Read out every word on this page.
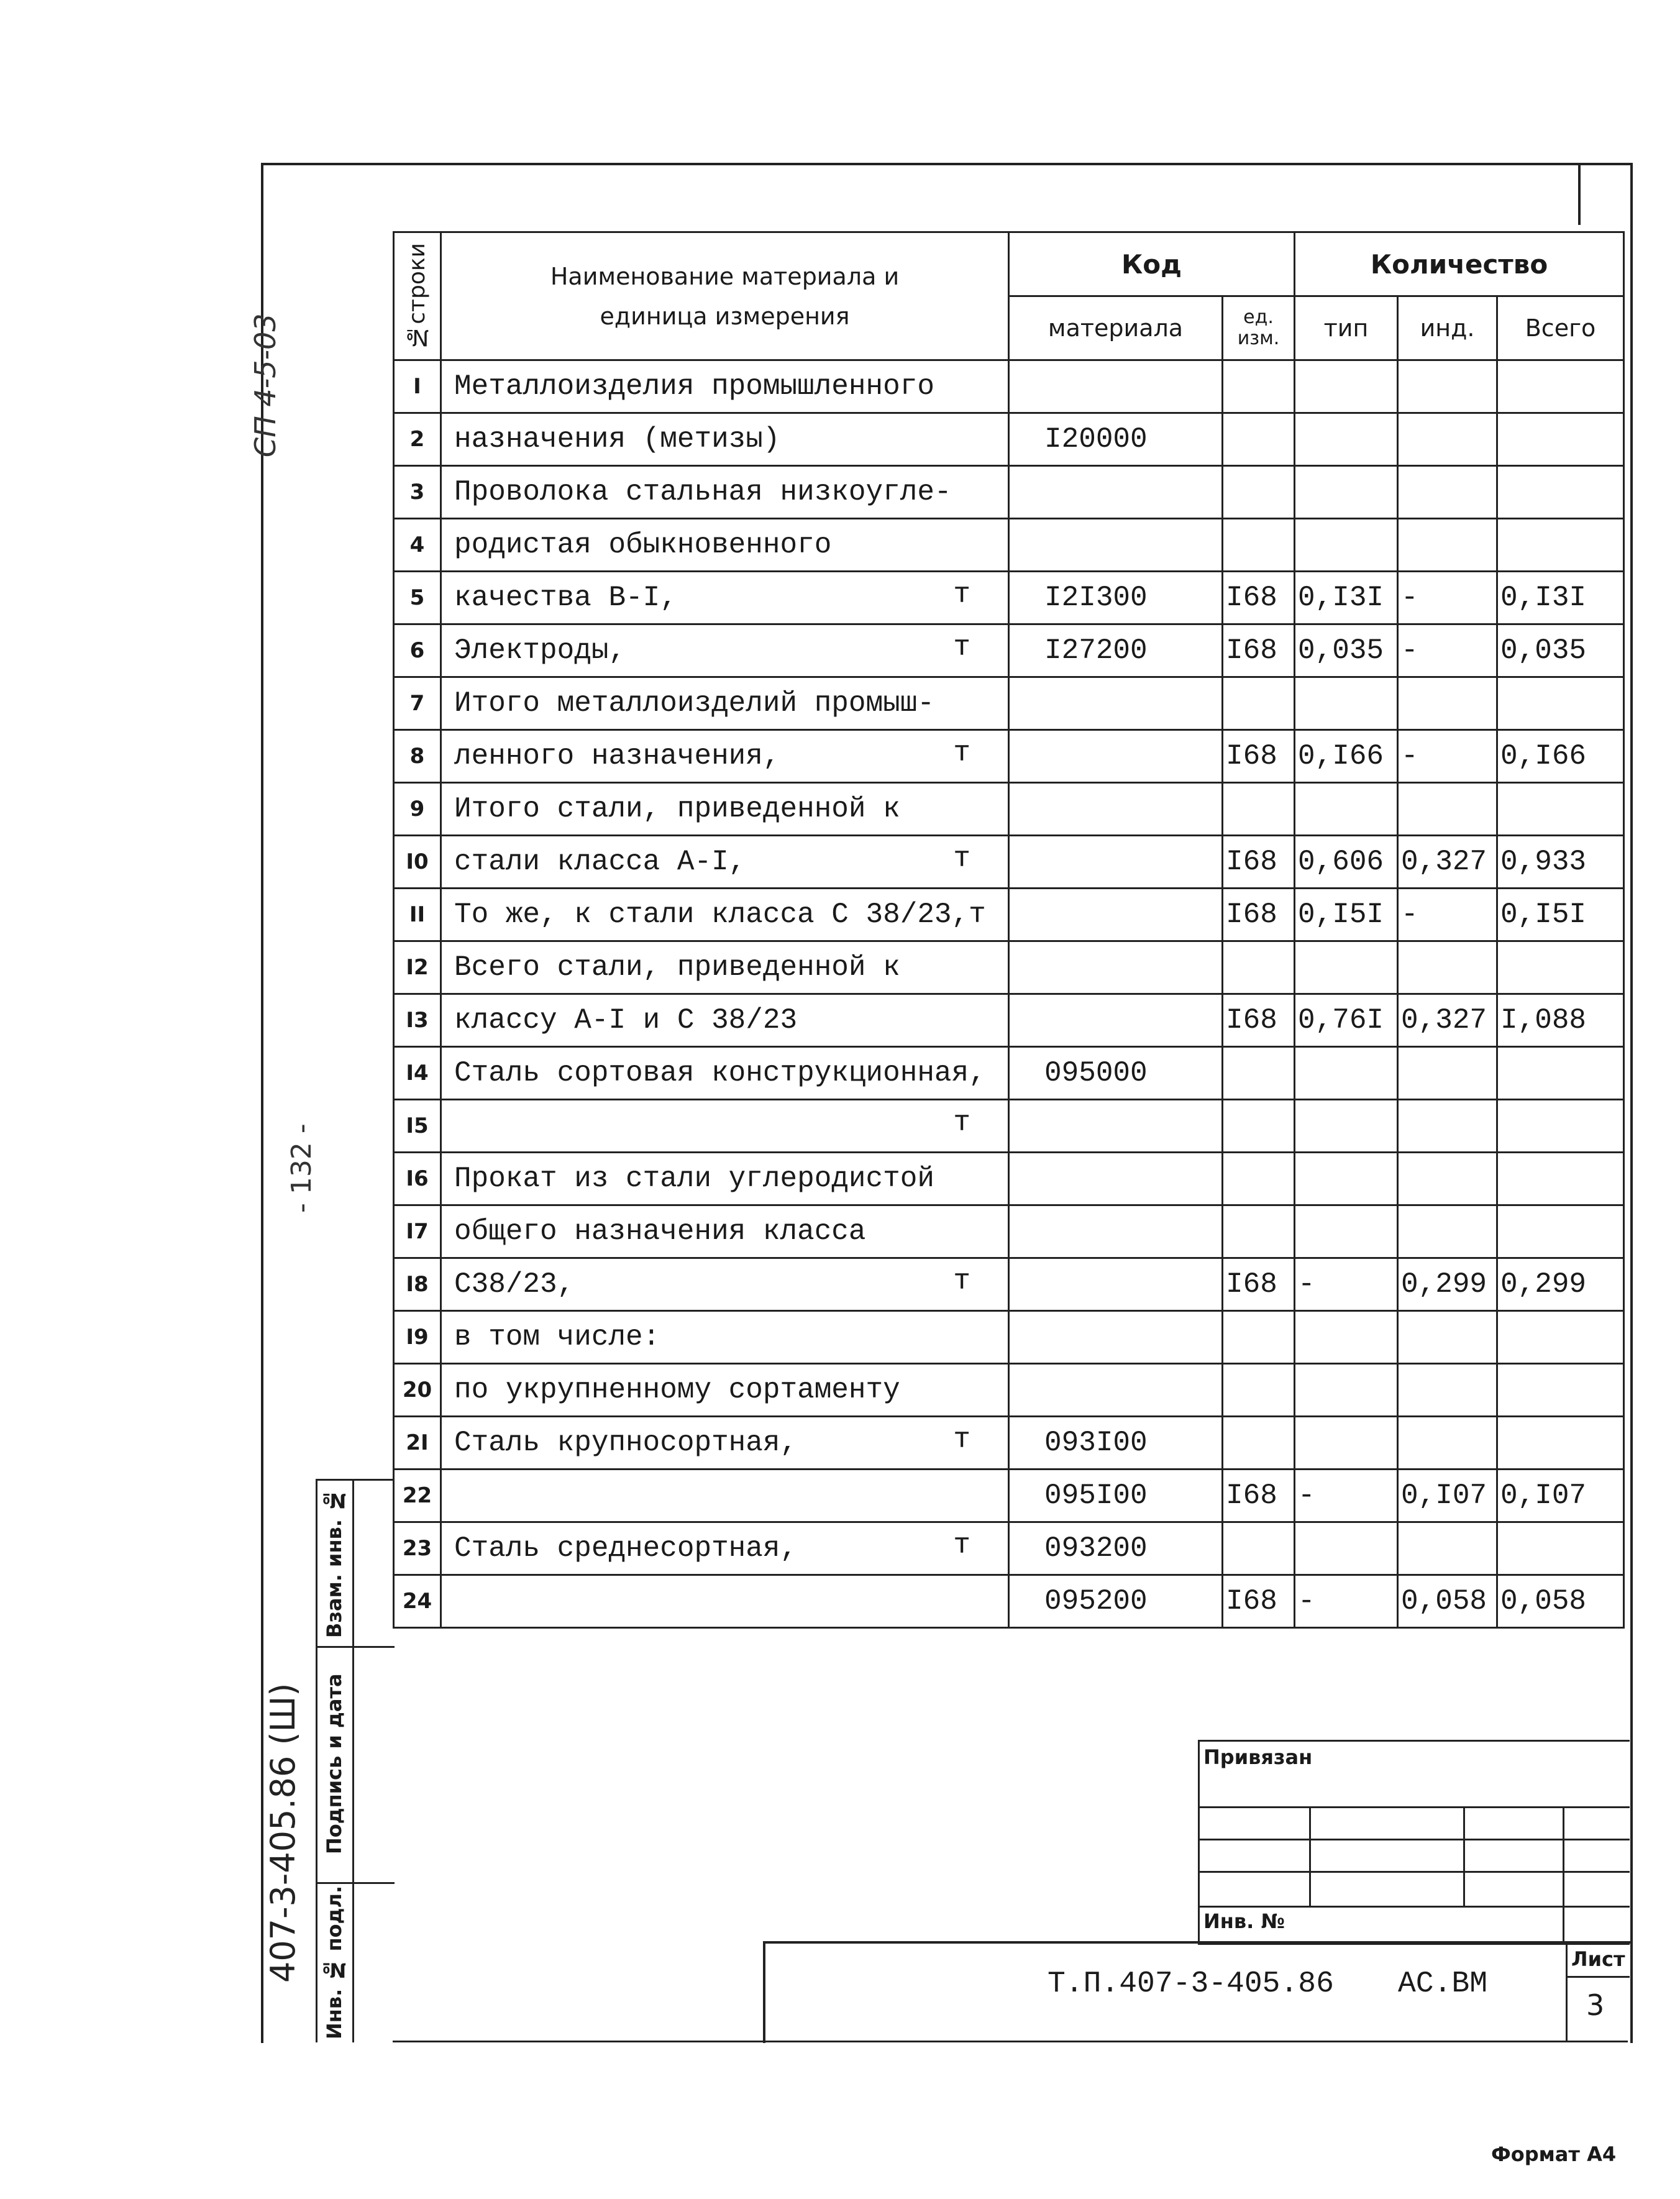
СП 4-5-03
- 132 -
407-3-405.86 (Ш)
Взам. инв. №
Подпись и дата
Инв. № подл.
№строки	Наименование материала и единица измерения	Код		Количество		
		материала	ед. изм.	тип	инд.	Всего
I	Металлоизделия промышленного

2	назначения (метизы)	I20000				
3	Проволока стальная низкоугле-

4	родистая обыкновенного

5	качества В-I, т	I2I300	I68	0,I3I	-	0,I3I
6	Электроды, т	I27200	I68	0,035	-	0,035
7	Итого металлоизделий промыш-

8	ленного назначения, т		I68	0,I66	-	0,I66
9	Итого стали, приведенной к

I0	стали класса А-I, т		I68	0,606	0,327	0,933
II	То же, к стали класса С 38/23,т		I68	0,I5I	-	0,I5I
I2	Всего стали, приведенной к

I3	классу А-I и С 38/23		I68	0,76I	0,327	I,088
I4	Сталь сортовая конструкционная,	095000				
I5	т					

I6	Прокат из стали углеродистой

I7	общего назначения класса

I8	С38/23, т		I68	-	0,299	0,299
I9	в том числе:

20	по укрупненному сортаменту

2I	Сталь крупносортная, т	093I00				
22		095I00	I68	-	0,I07	0,I07
23	Сталь среднесортная, т	093200				
24		095200	I68	-	0,058	0,058
Привязан
Инв. №
Т.П.407-3-405.86 АС.ВМ
Лист
3
Формат А4
